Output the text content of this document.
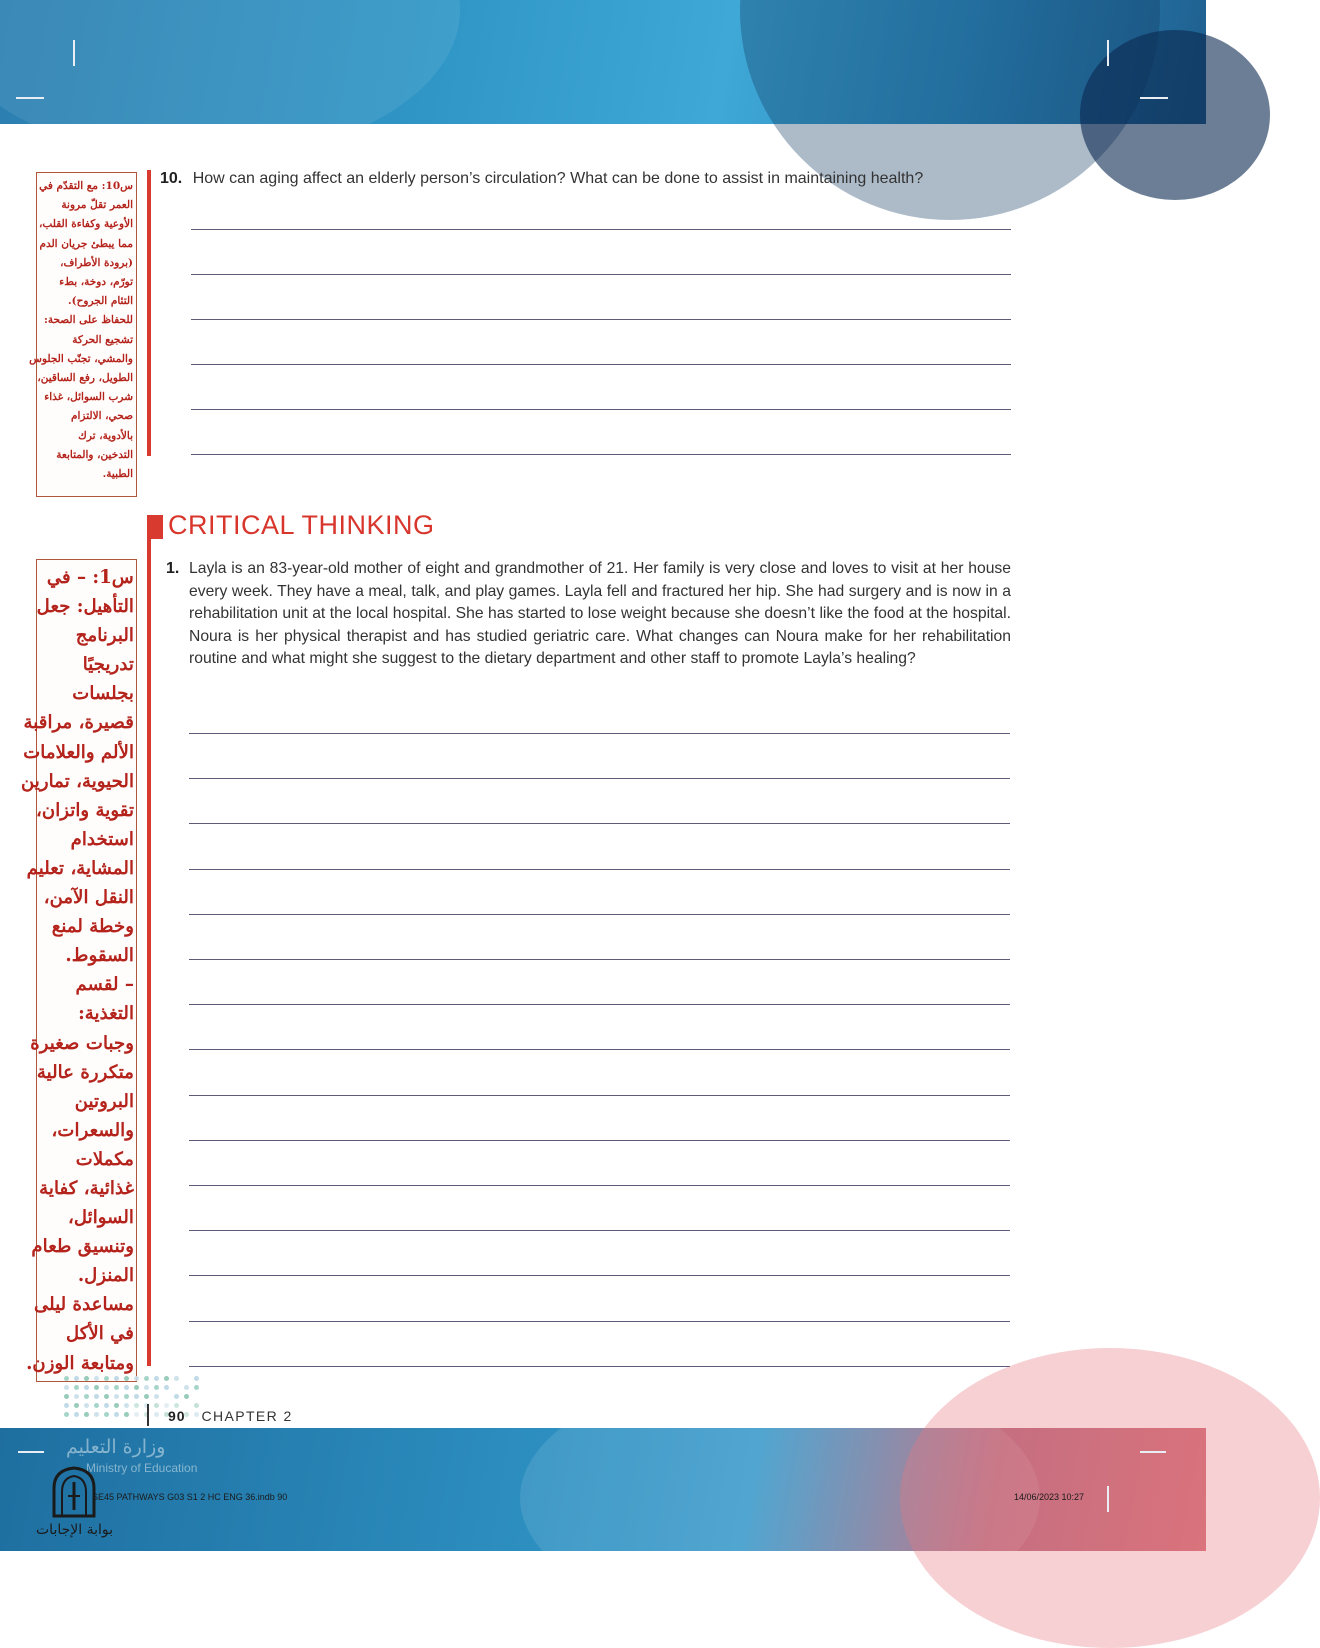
10. How can aging affect an elderly person’s circulation? What can be done to assist in maintaining health?
س10: مع التقدّم في
العمر تقلّ مرونة
الأوعية وكفاءة القلب،
مما يبطئ جريان الدم
(برودة الأطراف،
تورّم، دوخة، بطء
التئام الجروح).
للحفاظ على الصحة:
تشجيع الحركة
والمشي، تجنّب الجلوس
الطويل، رفع الساقين،
شرب السوائل، غذاء
صحي، الالتزام
بالأدوية، ترك
التدخين، والمتابعة
الطبية.
CRITICAL THINKING
1. Layla is an 83-year-old mother of eight and grandmother of 21. Her family is very close and loves to visit at her house every week. They have a meal, talk, and play games. Layla fell and fractured her hip. She had surgery and is now in a rehabilitation unit at the local hospital. She has started to lose weight because she doesn’t like the food at the hospital. Noura is her physical therapist and has studied geriatric care. What changes can Noura make for her rehabilitation routine and what might she suggest to the dietary department and other staff to promote Layla’s healing?
س1: – في
التأهيل: جعل
البرنامج
تدريجيًا
بجلسات
قصيرة، مراقبة
الألم والعلامات
الحيوية، تمارين
تقوية واتزان،
استخدام
المشاية، تعليم
النقل الآمن،
وخطة لمنع
السقوط.
– لقسم
التغذية:
وجبات صغيرة
متكررة عالية
البروتين
والسعرات،
مكملات
غذائية، كفاية
السوائل،
وتنسيق طعام
المنزل.
مساعدة ليلى
في الأكل
ومتابعة الوزن.
90 CHAPTER 2
وزارة التعليم
Ministry of Education
بوابة الإجابات
SE45 PATHWAYS G03 S1 2 HC ENG 36.indb 90	14/06/2023 10:27
